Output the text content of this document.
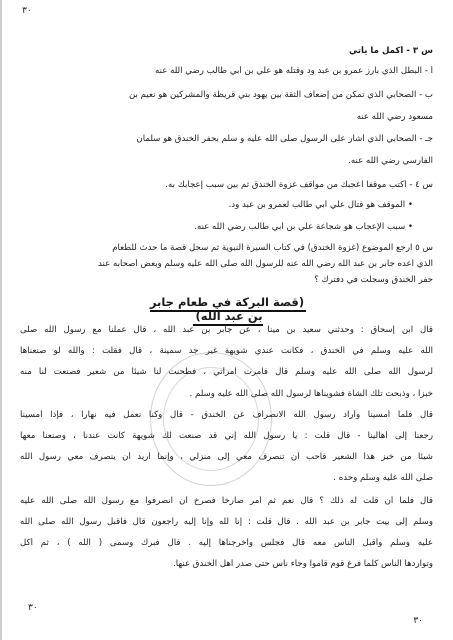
٣٠
س ٣ - أكمل ما يأتي
أ - البطل الذي بارز عمرو بن عبد ود وقتله هو علي بن أبي طالب رضي الله عنه
ب - الصحابي الذي تمكن من إضعاف الثقة بين يهود بني قريظة والمشركين هو نعيم بن
مسعود رضي الله عنه
جـ - الصحابي الذي أشار على الرسول صلى الله عليه و سلم بحفر الخندق هو سلمان
الفارسي رضي الله عنه.
س ٤ - أكتب موقفاً أعجبك من مواقف غزوة الخندق ثم بين سبب إعجابك به.
• الموقف هو قتال علي أبي طالب لعمرو بن عبد ود.
• سبب الإعجاب هو شجاعة علي بن أبي طالب رضي الله عنه.
س ٥ ارجع الموضوع (غزوة الخندق) في كتاب السيرة النبوية ثم سجل قصة ما حدث للطعام
الذي أعده جابر بن عبد الله رضي الله عنه للرسول الله صلى الله عليه وسلم وبعض أصحابه عند
حفر الخندق وسجلت في دفترك ؟
(قصة البركة في طعام جابر بن عبد الله)
قال ابن إسحاق : وحدثني سعيد بن مينا ، عن جابر بن عبد الله ، قال عملنا مع رسول الله صلى
الله عليه وسلم في الخندق ، فكانت عندي شويهة غير جد سمينة ، قال فقلت : والله لو صنعناها
لرسول الله صلى الله عليه وسلم قال فأمرت امرأتي ، فطحنت لنا شيئا من شعير فصنعت لنا منه
خبزا ، وذبحت تلك الشاة فشويناها لرسول الله صلى الله عليه وسلم .
قال فلما أمسينا وأراد رسول الله الانصراف عن الخندق - قال وكنا نعمل فيه نهارا ، فإذا أمسينا
رجعنا إلى أهالينا - قال قلت : يا رسول الله إني قد صنعت لك شويهة كانت عندنا ، وصنعنا معها
شيئا من خبز هذا الشعير فأحب أن تنصرف معي إلى منزلي ، وإنما أريد أن ينصرف معي رسول الله
صلى الله عليه وسلم وحده .
قال فلما أن قلت له ذلك ؟ قال نعم ثم أمر صارخا فصرخ أن انصرفوا مع رسول الله صلى الله عليه
وسلم إلى بيت جابر بن عبد الله . قال قلت : إنا لله وإنا إليه راجعون قال فأقبل رسول الله صلى الله
عليه وسلم وأقبل الناس معه قال فجلس وأخرجناها إليه . قال فبرك وسمى ( الله ) ، ثم أكل
وتواردها الناس كلما فرغ قوم قاموا وجاء ناس حتى صدر أهل الخندق عنها.
٣٠
٣٠
